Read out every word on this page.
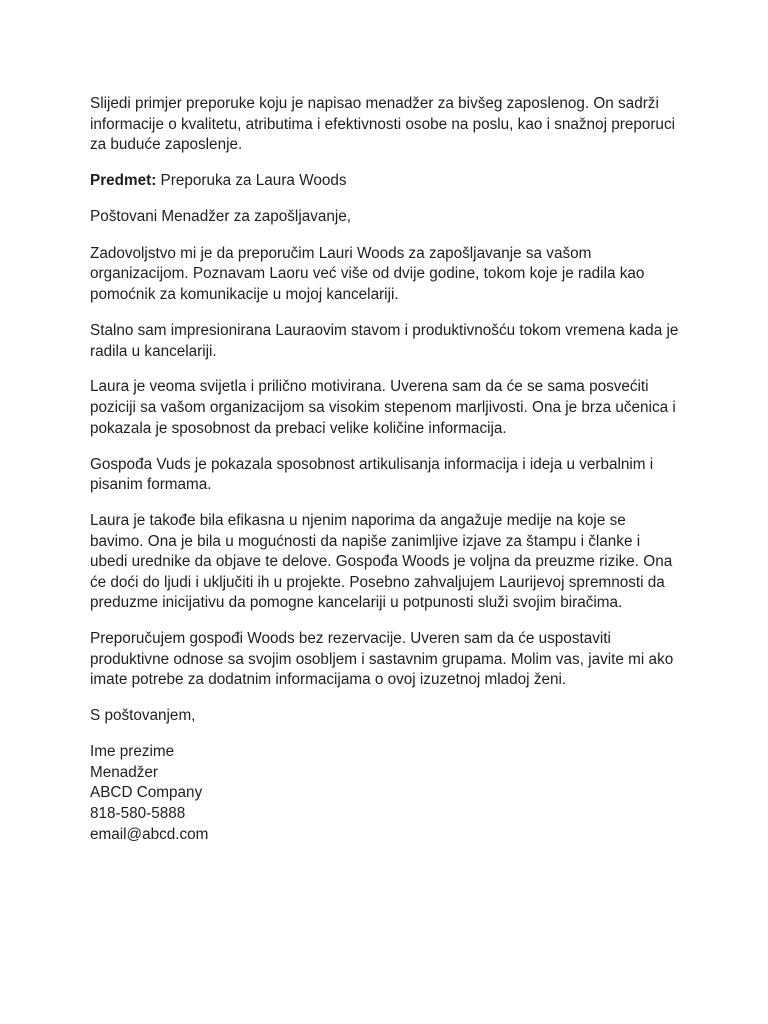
Slijedi primjer preporuke koju je napisao menadžer za bivšeg zaposlenog. On sadrži informacije o kvalitetu, atributima i efektivnosti osobe na poslu, kao i snažnoj preporuci za buduće zaposlenje.

Predmet: Preporuka za Laura Woods

Poštovani Menadžer za zapošljavanje,

Zadovoljstvo mi je da preporučim Lauri Woods za zapošljavanje sa vašom organizacijom. Poznavam Laoru već više od dvije godine, tokom koje je radila kao pomoćnik za komunikacije u mojoj kancelariji.

Stalno sam impresionirana Lauraovim stavom i produktivnošću tokom vremena kada je radila u kancelariji.

Laura je veoma svijetla i prilično motivirana. Uverena sam da će se sama posvećiti poziciji sa vašom organizacijom sa visokim stepenom marljivosti. Ona je brza učenica i pokazala je sposobnost da prebaci velike količine informacija.

Gospođa Vuds je pokazala sposobnost artikulisanja informacija i ideja u verbalnim i pisanim formama.

Laura je takođe bila efikasna u njenim naporima da angažuje medije na koje se bavimo. Ona je bila u mogućnosti da napiše zanimljive izjave za štampu i članke i ubedi urednike da objave te delove. Gospođa Woods je voljna da preuzme rizike. Ona će doći do ljudi i uključiti ih u projekte. Posebno zahvaljujem Laurijevoj spremnosti da preduzme inicijativu da pomogne kancelariji u potpunosti služi svojim biračima.

Preporučujem gospođi Woods bez rezervacije. Uveren sam da će uspostaviti produktivne odnose sa svojim osobljem i sastavnim grupama. Molim vas, javite mi ako imate potrebe za dodatnim informacijama o ovoj izuzetnoj mladoj ženi.

S poštovanjem,

Ime prezime
Menadžer
ABCD Company
818-580-5888
email@abcd.com
